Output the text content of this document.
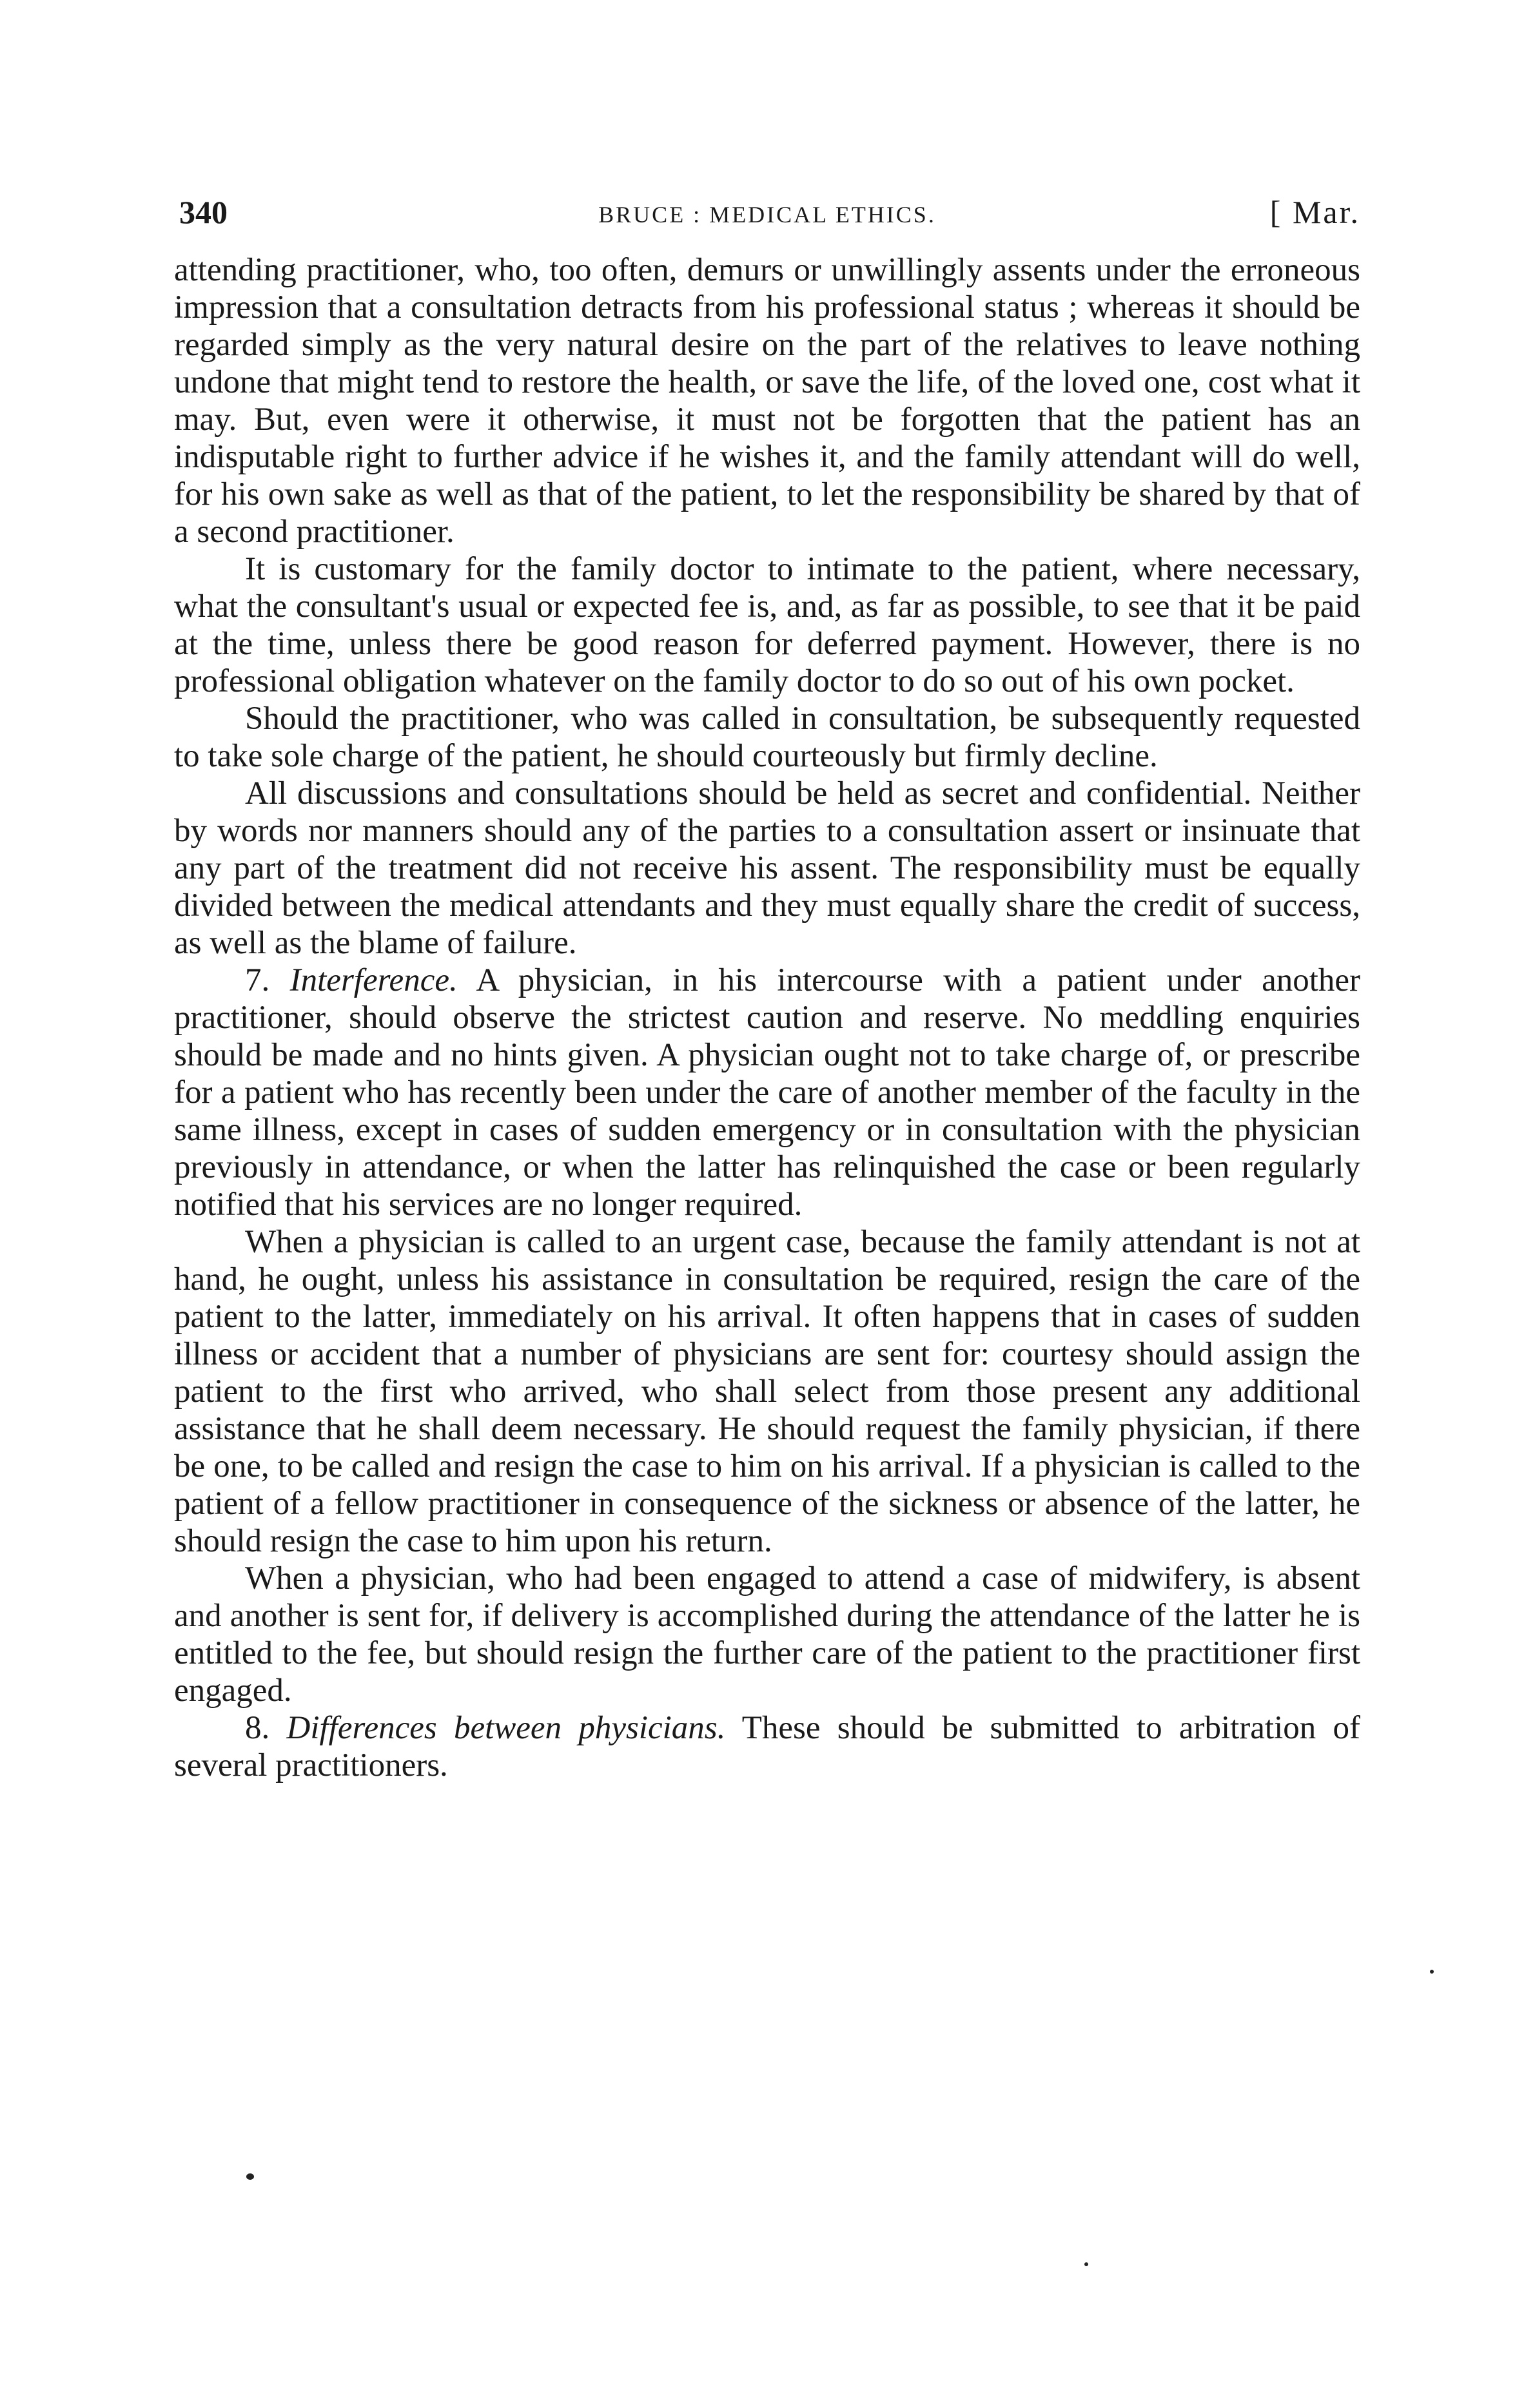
340	BRUCE : MEDICAL ETHICS.	[ Mar.

attending practitioner, who, too often, demurs or unwillingly assents under the erroneous impression that a consultation detracts from his professional status ; whereas it should be regarded simply as the very natural desire on the part of the relatives to leave nothing undone that might tend to restore the health, or save the life, of the loved one, cost what it may. But, even were it otherwise, it must not be forgotten that the patient has an indisputable right to further advice if he wishes it, and the family attendant will do well, for his own sake as well as that of the patient, to let the responsibility be shared by that of a second practitioner.

It is customary for the family doctor to intimate to the patient, where necessary, what the consultant's usual or expected fee is, and, as far as possible, to see that it be paid at the time, unless there be good reason for deferred payment. However, there is no professional obligation whatever on the family doctor to do so out of his own pocket.

Should the practitioner, who was called in consultation, be subsequently requested to take sole charge of the patient, he should courteously but firmly decline.

All discussions and consultations should be held as secret and confidential. Neither by words nor manners should any of the parties to a consultation assert or insinuate that any part of the treatment did not receive his assent. The responsibility must be equally divided between the medical attendants and they must equally share the credit of success, as well as the blame of failure.

7. Interference. A physician, in his intercourse with a patient under another practitioner, should observe the strictest caution and reserve. No meddling enquiries should be made and no hints given. A physician ought not to take charge of, or prescribe for a patient who has recently been under the care of another member of the faculty in the same illness, except in cases of sudden emergency or in consultation with the physician previously in attendance, or when the latter has relinquished the case or been regularly notified that his services are no longer required.

When a physician is called to an urgent case, because the family attendant is not at hand, he ought, unless his assistance in consultation be required, resign the care of the patient to the latter, immediately on his arrival. It often happens that in cases of sudden illness or accident that a number of physicians are sent for: courtesy should assign the patient to the first who arrived, who shall select from those present any additional assistance that he shall deem necessary. He should request the family physician, if there be one, to be called and resign the case to him on his arrival. If a physician is called to the patient of a fellow practitioner in consequence of the sickness or absence of the latter, he should resign the case to him upon his return.

When a physician, who had been engaged to attend a case of midwifery, is absent and another is sent for, if delivery is accomplished during the attendance of the latter he is entitled to the fee, but should resign the further care of the patient to the practitioner first engaged.

8. Differences between physicians. These should be submitted to arbitration of several practitioners.
